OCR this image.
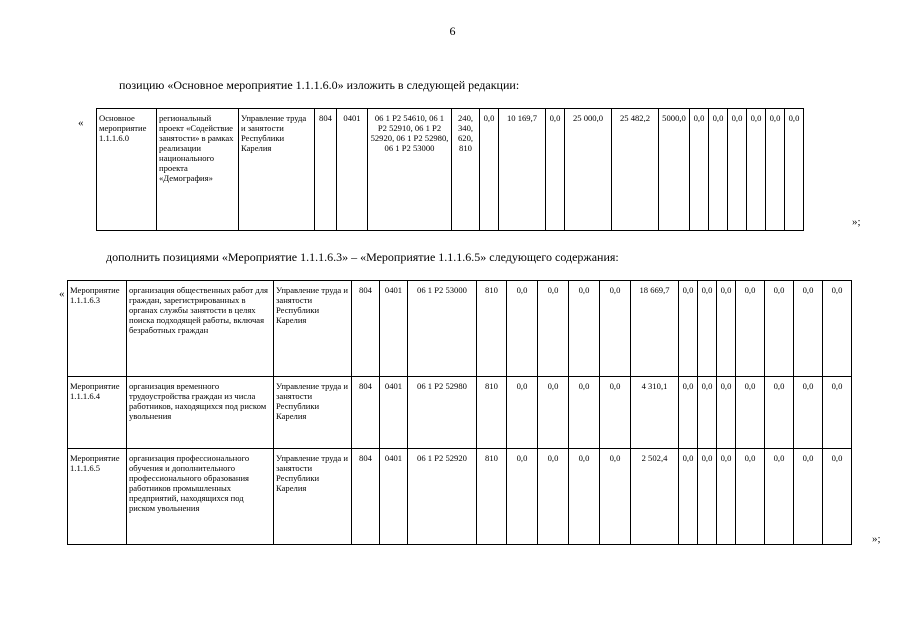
6
позицию «Основное мероприятие 1.1.1.6.0» изложить в следующей редакции:
«
»;
Основное мероприятие 1.1.1.6.0	региональный проект «Содействие занятости» в рамках реализации национального проекта «Демография»	Управление труда и занятости Республики Карелия	804	0401	06 1 P2 54610, 06 1 P2 52910, 06 1 P2 52920, 06 1 P2 52980, 06 1 P2 53000	240, 340, 620, 810	0,0	10 169,7	0,0	25 000,0	25 482,2	5000,0	0,0	0,0	0,0	0,0	0,0	0,0
дополнить позициями «Мероприятие 1.1.1.6.3» – «Мероприятие 1.1.1.6.5» следующего содержания:
«
»;
Мероприятие 1.1.1.6.3	организация общественных работ для граждан, зарегистрированных в органах службы занятости в целях поиска подходящей работы, включая безработных граждан	Управление труда и занятости Республики Карелия	804	0401	06 1 P2 53000	810	0,0	0,0	0,0	0,0	18 669,7	0,0	0,0	0,0	0,0	0,0	0,0	0,0	
Мероприятие 1.1.1.6.4	организация временного трудоустройства граждан из числа работников, находящихся под риском увольнения	Управление труда и занятости Республики Карелия	804	0401	06 1 P2 52980	810	0,0	0,0	0,0	0,0	4 310,1	0,0	0,0	0,0	0,0	0,0	0,0	0,0	
Мероприятие 1.1.1.6.5	организация профессионального обучения и дополнительного профессионального образования работников промышленных предприятий, находящихся под риском увольнения	Управление труда и занятости Республики Карелия	804	0401	06 1 P2 52920	810	0,0	0,0	0,0	0,0	2 502,4	0,0	0,0	0,0	0,0	0,0	0,0	0,0	
